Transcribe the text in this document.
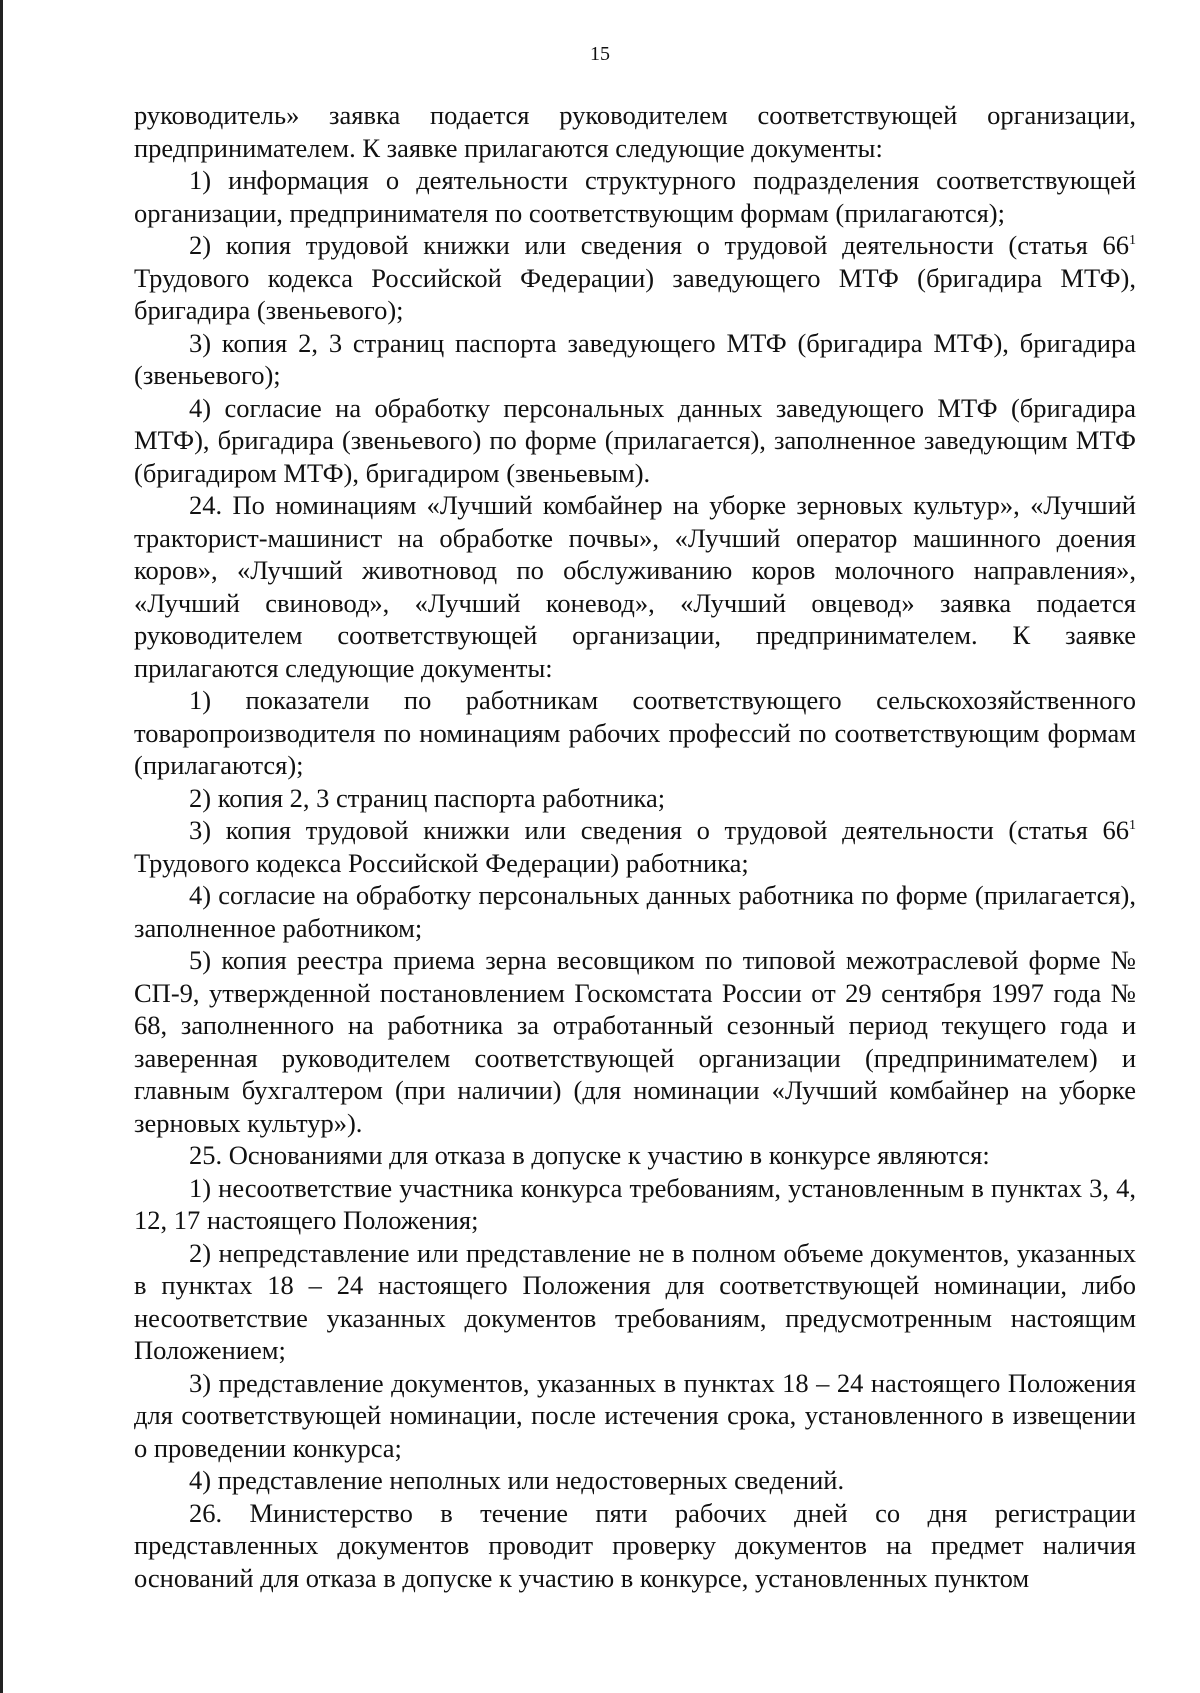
15

руководитель» заявка подается руководителем соответствующей организации, предпринимателем. К заявке прилагаются следующие документы:

1) информация о деятельности структурного подразделения соответствующей организации, предпринимателя по соответствующим формам (прилагаются);

2) копия трудовой книжки или сведения о трудовой деятельности (статья $66^1$ Трудового кодекса Российской Федерации) заведующего МТФ (бригадира МТФ), бригадира (звеньевого);

3) копия 2, 3 страниц паспорта заведующего МТФ (бригадира МТФ), бригадира (звеньевого);

4) согласие на обработку персональных данных заведующего МТФ (бригадира МТФ), бригадира (звеньевого) по форме (прилагается), заполненное заведующим МТФ (бригадиром МТФ), бригадиром (звеньевым).

24. По номинациям «Лучший комбайнер на уборке зерновых культур», «Лучший тракторист-машинист на обработке почвы», «Лучший оператор машинного доения коров», «Лучший животновод по обслуживанию коров молочного направления», «Лучший свиновод», «Лучший коневод», «Лучший овцевод» заявка подается руководителем соответствующей организации, предпринимателем. К заявке прилагаются следующие документы:

1) показатели по работникам соответствующего сельскохозяйственного товаропроизводителя по номинациям рабочих профессий по соответствующим формам (прилагаются);

2) копия 2, 3 страниц паспорта работника;

3) копия трудовой книжки или сведения о трудовой деятельности (статья $66^1$ Трудового кодекса Российской Федерации) работника;

4) согласие на обработку персональных данных работника по форме (прилагается), заполненное работником;

5) копия реестра приема зерна весовщиком по типовой межотраслевой форме № СП-9, утвержденной постановлением Госкомстата России от 29 сентября 1997 года № 68, заполненного на работника за отработанный сезонный период текущего года и заверенная руководителем соответствующей организации (предпринимателем) и главным бухгалтером (при наличии) (для номинации «Лучший комбайнер на уборке зерновых культур»).

25. Основаниями для отказа в допуске к участию в конкурсе являются:

1) несоответствие участника конкурса требованиям, установленным в пунктах 3, 4, 12, 17 настоящего Положения;

2) непредставление или представление не в полном объеме документов, указанных в пунктах 18 – 24 настоящего Положения для соответствующей номинации, либо несоответствие указанных документов требованиям, предусмотренным настоящим Положением;

3) представление документов, указанных в пунктах 18 – 24 настоящего Положения для соответствующей номинации, после истечения срока, установленного в извещении о проведении конкурса;

4) представление неполных или недостоверных сведений.

26. Министерство в течение пяти рабочих дней со дня регистрации представленных документов проводит проверку документов на предмет наличия оснований для отказа в допуске к участию в конкурсе, установленных пунктом
